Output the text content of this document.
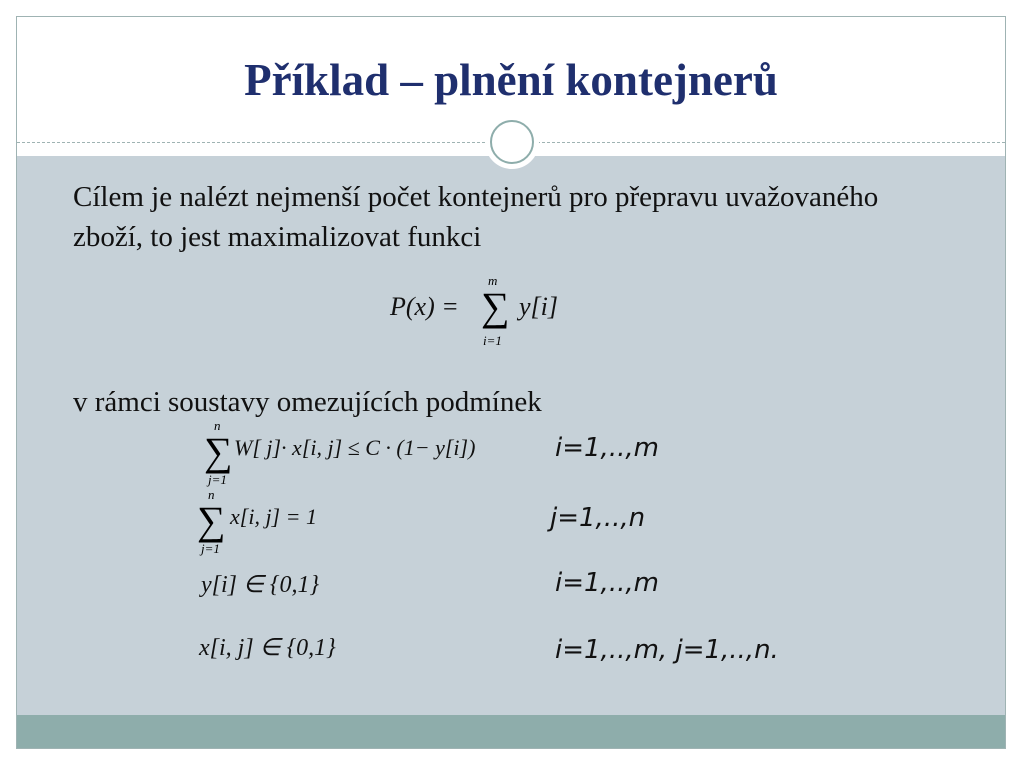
Příklad – plnění kontejnerů
Cílem je nalézt nejmenší počet kontejnerů pro přepravu uvažovaného zboží, to jest maximalizovat funkci
P(x) =
m
∑
i=1
y[i]
v rámci soustavy omezujících podmínek
n
∑
j=1
W[ j]· x[i, j] ≤ C · (1− y[i])	i=1,..,m
n
∑
j=1
x[i, j] = 1	j=1,..,n
y[i] ∈ {0,1}	i=1,..,m
x[i, j] ∈ {0,1}	i=1,..,m, j=1,..,n.
